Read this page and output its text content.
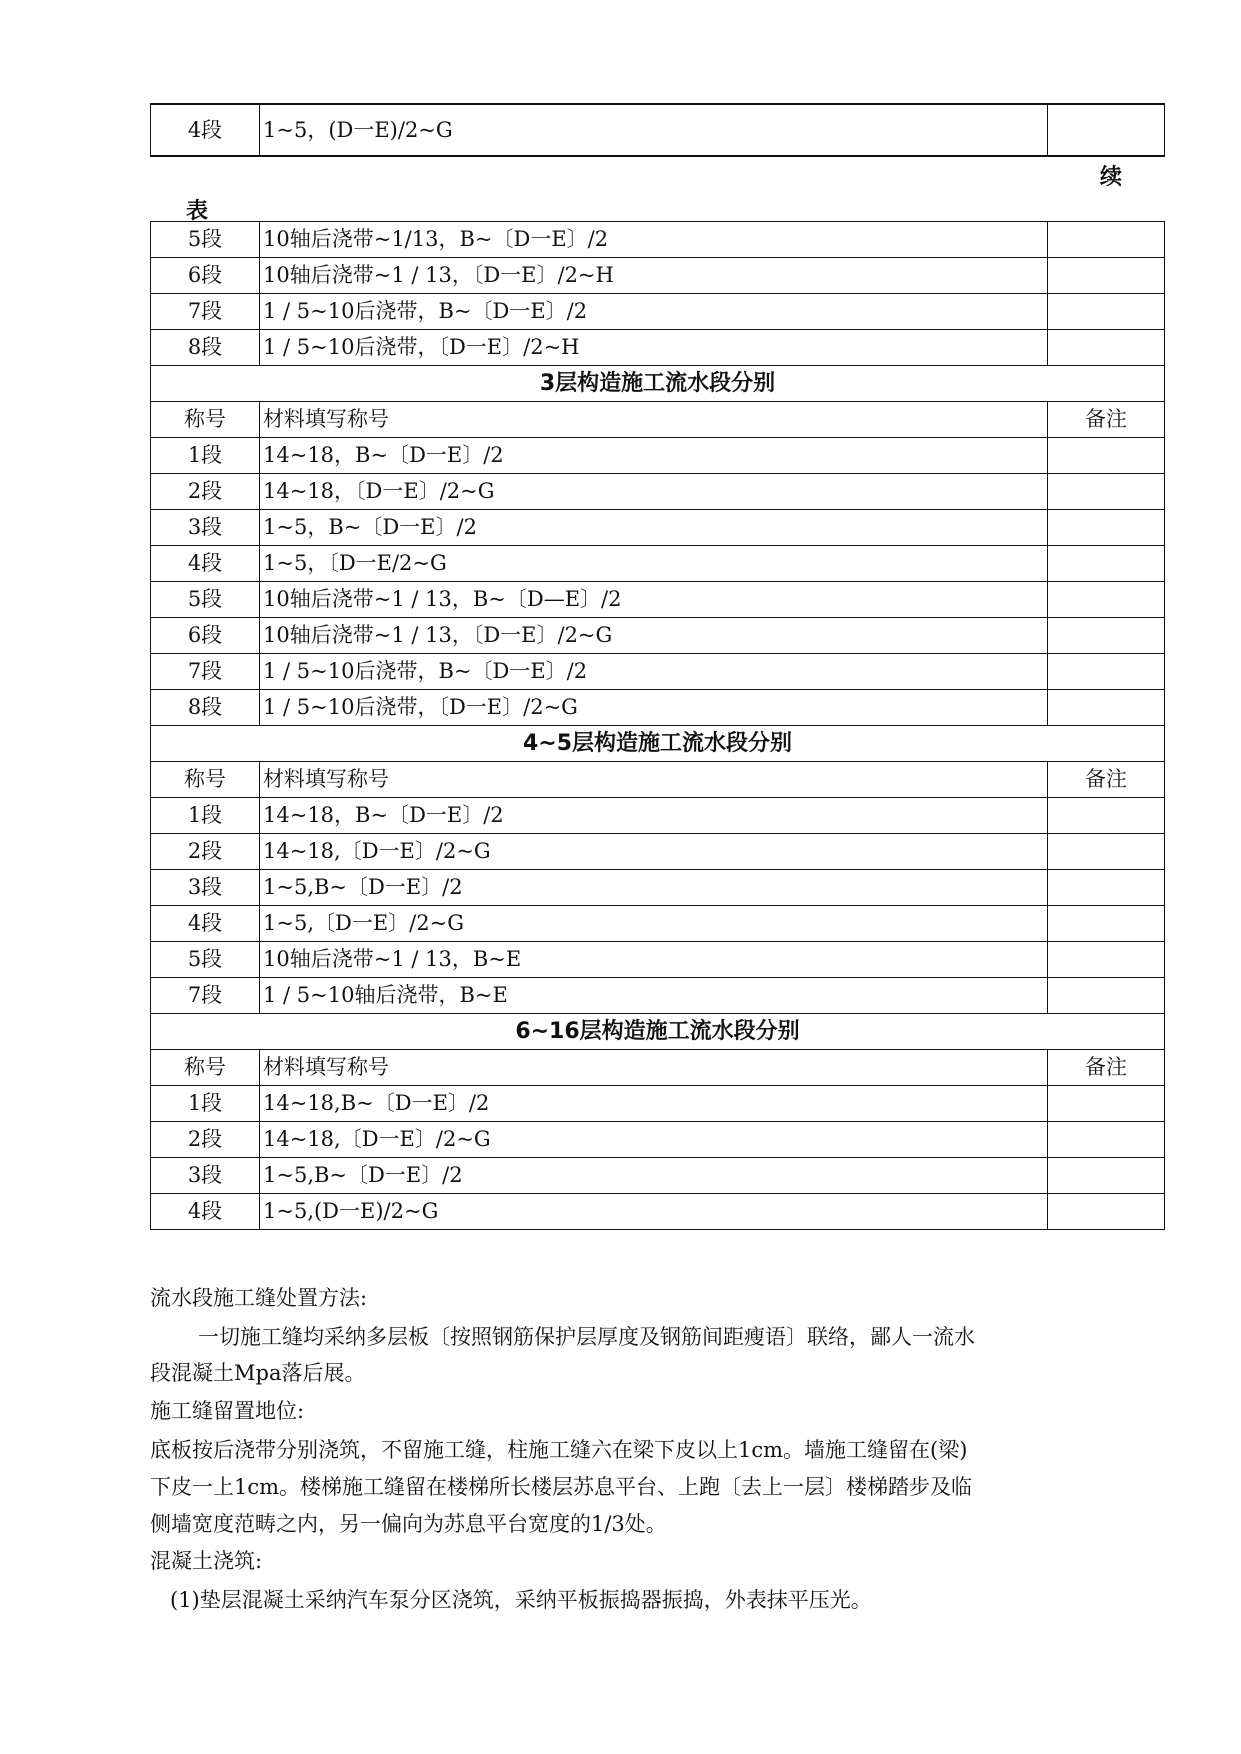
4段	1~5，(D一E)/2~G	
续
表
5段	10轴后浇带~1/13，B~〔D一E〕/2	
6段	10轴后浇带~1 / 13，〔D一E〕/2~H	
7段	1 / 5~10后浇带，B~〔D一E〕/2	
8段	1 / 5~10后浇带，〔D一E〕/2~H	
3层构造施工流水段分别		
称号	材料填写称号	备注
1段	14~18，B~〔D一E〕/2	
2段	14~18，〔D一E〕/2~G	
3段	1~5，B~〔D一E〕/2	
4段	1~5，〔D一E/2~G	
5段	10轴后浇带~1 / 13，B~〔D—E〕/2	
6段	10轴后浇带~1 / 13，〔D一E〕/2~G	
7段	1 / 5~10后浇带，B~〔D一E〕/2	
8段	1 / 5~10后浇带，〔D一E〕/2~G	
4~5层构造施工流水段分别		
称号	材料填写称号	备注
1段	14~18，B~〔D一E〕/2	
2段	14~18,〔D一E〕/2~G	
3段	1~5,B~〔D一E〕/2	
4段	1~5,〔D一E〕/2~G	
5段	10轴后浇带~1 / 13，B~E	
7段	1 / 5~10轴后浇带，B~E	
6~16层构造施工流水段分别		
称号	材料填写称号	备注
1段	14~18,B~〔D一E〕/2	
2段	14~18,〔D一E〕/2~G	
3段	1~5,B~〔D一E〕/2	
4段	1~5,(D一E)/2~G	
流水段施工缝处置方法:
一切施工缝均采纳多层板〔按照钢筋保护层厚度及钢筋间距瘦语〕联络，鄙人一流水
段混凝土Mpa落后展。
施工缝留置地位:
底板按后浇带分别浇筑，不留施工缝，柱施工缝六在梁下皮以上1cm。墙施工缝留在(梁)
下皮一上1cm。楼梯施工缝留在楼梯所长楼层苏息平台、上跑〔去上一层〕楼梯踏步及临
侧墙宽度范畴之内，另一偏向为苏息平台宽度的1/3处。
混凝土浇筑:
(1)垫层混凝土采纳汽车泵分区浇筑，采纳平板振捣器振捣，外表抹平压光。
